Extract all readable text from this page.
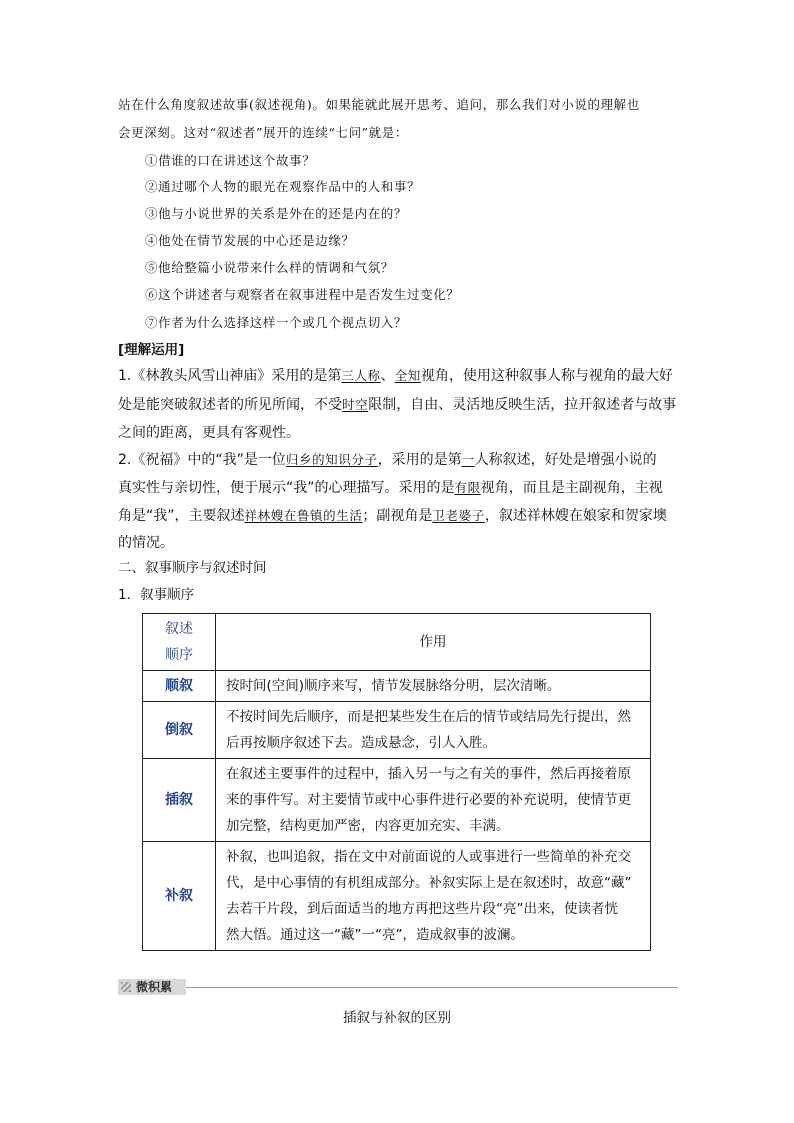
站在什么角度叙述故事(叙述视角)。如果能就此展开思考、追问，那么我们对小说的理解也
会更深刻。这对“叙述者”展开的连续“七问”就是：
①借谁的口在讲述这个故事？
②通过哪个人物的眼光在观察作品中的人和事？
③他与小说世界的关系是外在的还是内在的？
④他处在情节发展的中心还是边缘？
⑤他给整篇小说带来什么样的情调和气氛？
⑥这个讲述者与观察者在叙事进程中是否发生过变化？
⑦作者为什么选择这样一个或几个视点切入？
[理解运用]
1.《林教头风雪山神庙》采用的是第三人称、全知视角，使用这种叙事人称与视角的最大好
处是能突破叙述者的所见所闻，不受时空限制，自由、灵活地反映生活，拉开叙述者与故事
之间的距离，更具有客观性。
2.《祝福》中的“我”是一位归乡的知识分子，采用的是第一人称叙述，好处是增强小说的
真实性与亲切性，便于展示“我”的心理描写。采用的是有限视角，而且是主副视角，主视
角是“我”，主要叙述祥林嫂在鲁镇的生活；副视角是卫老婆子，叙述祥林嫂在娘家和贺家墺
的情况。
二、叙事顺序与叙述时间
1．叙事顺序
叙述
顺序	作用
顺叙	按时间(空间)顺序来写，情节发展脉络分明，层次清晰。

倒叙	不按时间先后顺序，而是把某些发生在后的情节或结局先行提出，然
后再按顺序叙述下去。造成悬念，引人入胜。

插叙	在叙述主要事件的过程中，插入另一与之有关的事件，然后再接着原
来的事件写。对主要情节或中心事件进行必要的补充说明，使情节更
加完整，结构更加严密，内容更加充实、丰满。

补叙	补叙，也叫追叙，指在文中对前面说的人或事进行一些简单的补充交
代，是中心事情的有机组成部分。补叙实际上是在叙述时，故意“藏”
去若干片段，到后面适当的地方再把这些片段“亮”出来，使读者恍
然大悟。通过这一“藏”一“亮”，造成叙事的波澜。
微积累
插叙与补叙的区别
